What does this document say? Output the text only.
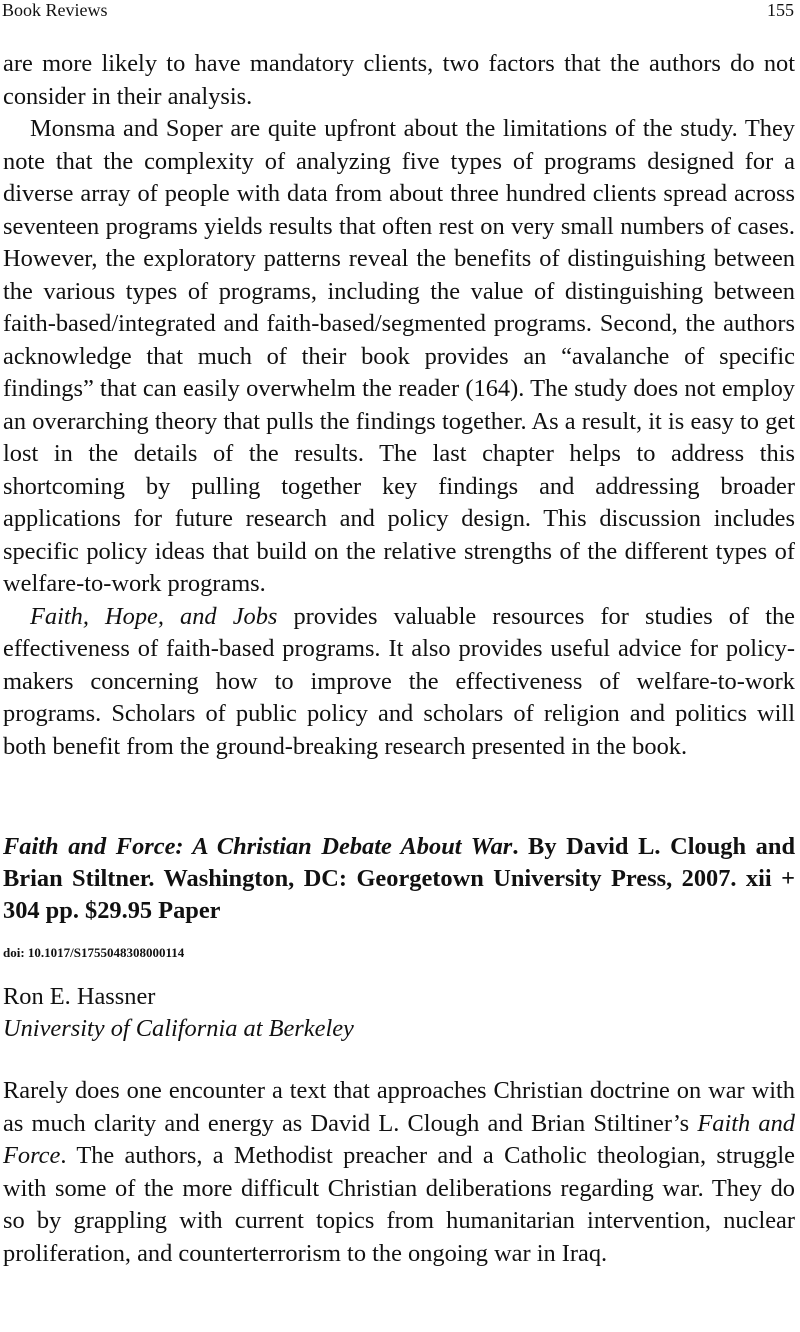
Book Reviews	155

are more likely to have mandatory clients, two factors that the authors do not consider in their analysis.

Monsma and Soper are quite upfront about the limitations of the study. They note that the complexity of analyzing five types of programs designed for a diverse array of people with data from about three hundred clients spread across seventeen programs yields results that often rest on very small numbers of cases. However, the exploratory patterns reveal the benefits of distinguishing between the various types of programs, including the value of distinguishing between faith-based/integrated and faith-based/​segmented programs. Second, the authors acknowledge that much of their book provides an “avalanche of specific findings” that can easily overwhelm the reader (164). The study does not employ an overarching theory that pulls the findings together. As a result, it is easy to get lost in the details of the results. The last chapter helps to address this shortcoming by pulling together key findings and addressing broader applications for future research and policy design. This discussion includes specific policy ideas that build on the relative strengths of the different types of welfare-to-work programs.

Faith, Hope, and Jobs provides valuable resources for studies of the effectiveness of faith-based programs. It also provides useful advice for policy-makers concerning how to improve the effectiveness of welfare-​to-work programs. Scholars of public policy and scholars of religion and politics will both benefit from the ground-breaking research presented in the book.

Faith and Force: A Christian Debate About War. By David L. Clough and Brian Stiltner. Washington, DC: Georgetown University Press, 2007. xii + 304 pp. $29.95 Paper
doi: 10.1017/S1755048308000114
Ron E. Hassner
University of California at Berkeley

Rarely does one encounter a text that approaches Christian doctrine on war with as much clarity and energy as David L. Clough and Brian Stiltiner’s Faith and Force. The authors, a Methodist preacher and a Catholic theologian, struggle with some of the more difficult Christian deliberations regarding war. They do so by grappling with current topics from humanitarian intervention, nuclear proliferation, and counterterrorism to the ongoing war in Iraq.
